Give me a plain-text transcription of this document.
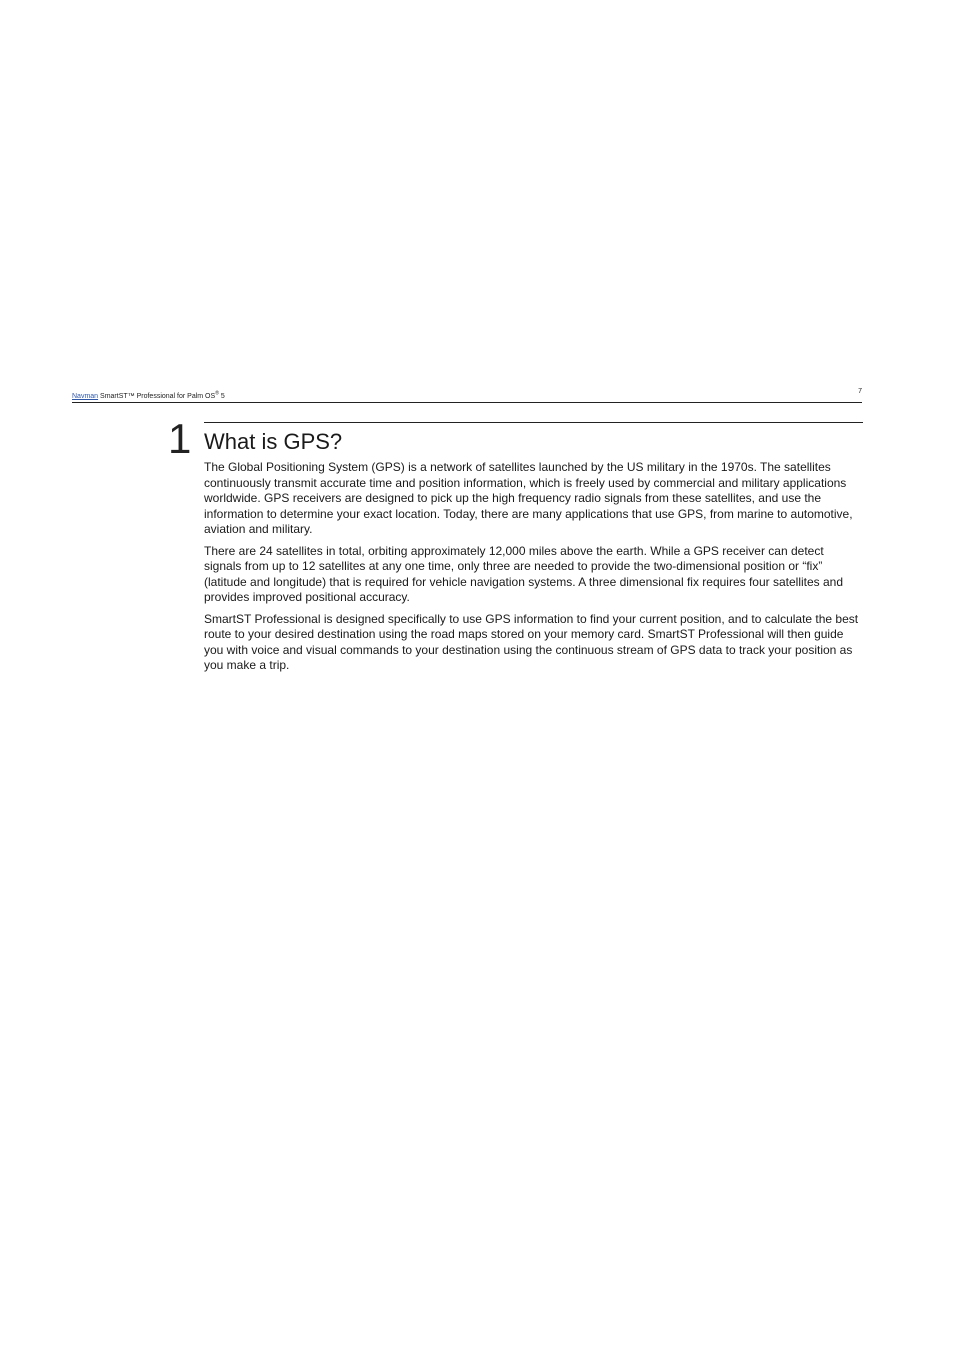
Navman SmartST™ Professional for Palm OS® 5
7
1 What is GPS?

The Global Positioning System (GPS) is a network of satellites launched by the US military in the 1970s. The satellites continuously transmit accurate time and position information, which is freely used by commercial and military applications worldwide. GPS receivers are designed to pick up the high frequency radio signals from these satellites, and use the information to determine your exact location. Today, there are many applications that use GPS, from marine to automotive, aviation and military.

There are 24 satellites in total, orbiting approximately 12,000 miles above the earth. While a GPS receiver can detect signals from up to 12 satellites at any one time, only three are needed to provide the two-dimensional position or “fix” (latitude and longitude) that is required for vehicle navigation systems. A three dimensional fix requires four satellites and provides improved positional accuracy.

SmartST Professional is designed specifically to use GPS information to find your current position, and to calculate the best route to your desired destination using the road maps stored on your memory card. SmartST Professional will then guide you with voice and visual commands to your destination using the continuous stream of GPS data to track your position as you make a trip.
